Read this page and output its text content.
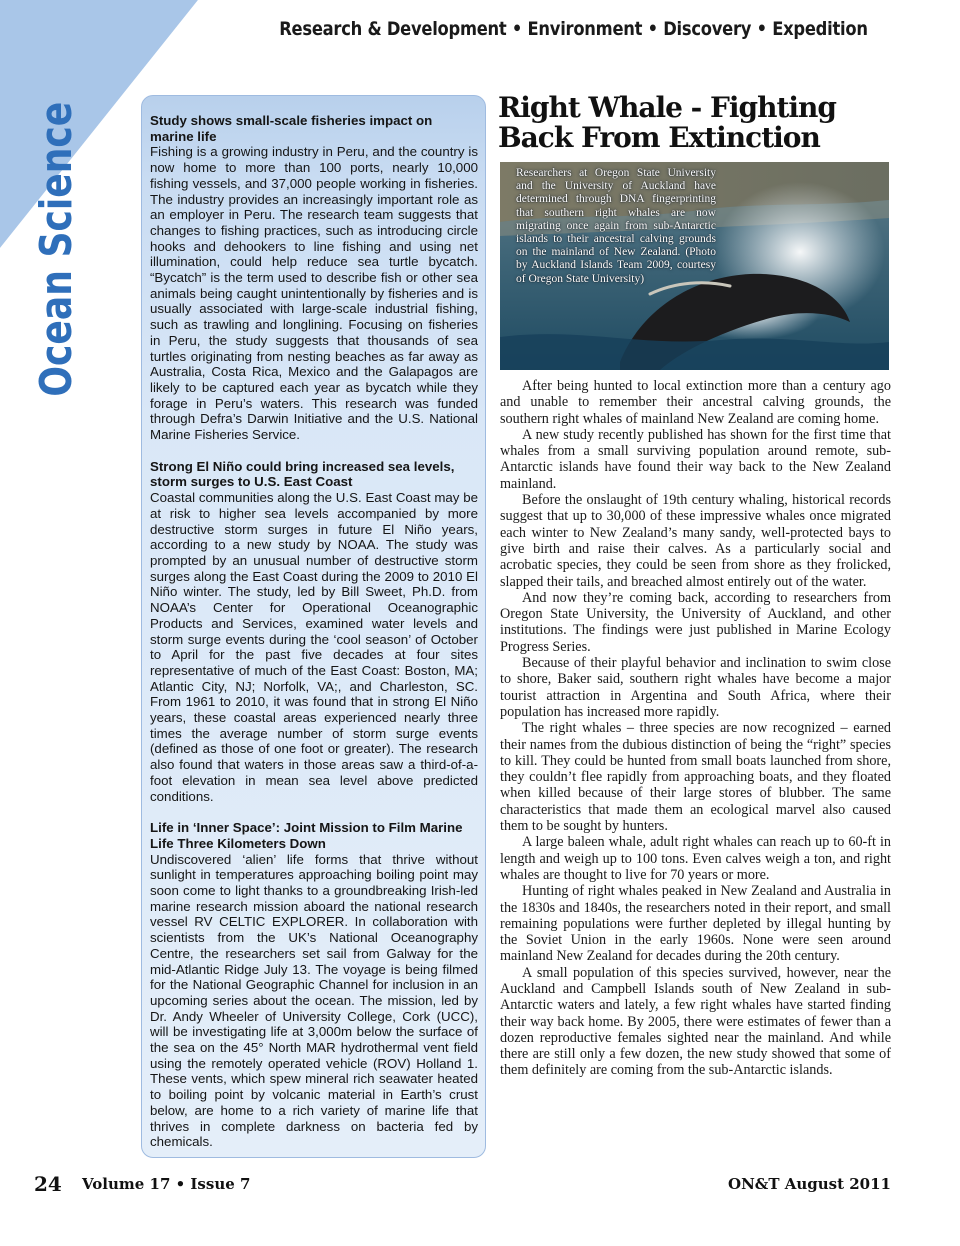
Research & Development • Environment • Discovery • Expedition
Ocean Science	Study shows small-scale fisheries impact on marine life

Fishing is a growing industry in Peru, and the country is now home to more than 100 ports, nearly 10,000 fishing vessels, and 37,000 people working in fisheries. The industry provides an increasingly important role as an employer in Peru. The research team suggests that changes to fishing practices, such as introducing circle hooks and dehookers to line fishing and using net illumination, could help reduce sea turtle bycatch. “Bycatch” is the term used to describe fish or other sea animals being caught unintentionally by fisheries and is usually associated with large-scale industrial fishing, such as trawling and longlining. Focusing on fisheries in Peru, the study suggests that thousands of sea turtles originating from nesting beaches as far away as Australia, Costa Rica, Mexico and the Galapagos are likely to be captured each year as bycatch while they forage in Peru’s waters. This research was funded through Defra’s Darwin Initiative and the U.S. National Marine Fisheries Service.

Strong El Niño could bring increased sea levels, storm surges to U.S. East Coast

Coastal communities along the U.S. East Coast may be at risk to higher sea levels accompanied by more destructive storm surges in future El Niño years, according to a new study by NOAA. The study was prompted by an unusual number of destructive storm surges along the East Coast during the 2009 to 2010 El Niño winter. The study, led by Bill Sweet, Ph.D. from NOAA’s Center for Operational Oceanographic Products and Services, examined water levels and storm surge events during the ‘cool season’ of October to April for the past five decades at four sites representative of much of the East Coast: Boston, MA; Atlantic City, NJ; Norfolk, VA;, and Charleston, SC. From 1961 to 2010, it was found that in strong El Niño years, these coastal areas experienced nearly three times the average number of storm surge events (defined as those of one foot or greater). The research also found that waters in those areas saw a third-of-a-foot elevation in mean sea level above predicted conditions.

Life in ‘Inner Space’: Joint Mission to Film Marine Life Three Kilometers Down

Undiscovered ‘alien’ life forms that thrive without sunlight in temperatures approaching boiling point may soon come to light thanks to a groundbreaking Irish-led marine research mission aboard the national research vessel RV CELTIC EXPLORER. In collaboration with scientists from the UK’s National Oceanography Centre, the researchers set sail from Galway for the mid-Atlantic Ridge July 13. The voyage is being filmed for the National Geographic Channel for inclusion in an upcoming series about the ocean. The mission, led by Dr. Andy Wheeler of University College, Cork (UCC), will be investigating life at 3,000m below the surface of the sea on the 45° North MAR hydrothermal vent field using the remotely operated vehicle (ROV) Holland 1. These vents, which spew mineral rich seawater heated to boiling point by volcanic material in Earth’s crust below, are home to a rich variety of marine life that thrives in complete darkness on bacteria fed by chemicals.

Right Whale - Fighting Back From Extinction
Researchers at Oregon State University and the University of Auckland have determined through DNA fingerprinting that southern right whales are now migrating once again from sub-Antarctic islands to their ancestral calving grounds on the mainland of New Zealand. (Photo by Auckland Islands Team 2009, courtesy of Oregon State University)

After being hunted to local extinction more than a century ago and unable to remember their ancestral calving grounds, the southern right whales of mainland New Zealand are coming home.

A new study recently published has shown for the first time that whales from a small surviving population around remote, sub-Antarctic islands have found their way back to the New Zealand mainland.

Before the onslaught of 19th century whaling, historical records suggest that up to 30,000 of these impressive whales once migrated each winter to New Zealand’s many sandy, well-protected bays to give birth and raise their calves. As a particularly social and acrobatic species, they could be seen from shore as they frolicked, slapped their tails, and breached almost entirely out of the water.

And now they’re coming back, according to researchers from Oregon State University, the University of Auckland, and other institutions. The findings were just published in Marine Ecology Progress Series.

Because of their playful behavior and inclination to swim close to shore, Baker said, southern right whales have become a major tourist attraction in Argentina and South Africa, where their population has increased more rapidly.

The right whales – three species are now recognized – earned their names from the dubious distinction of being the “right” species to kill. They could be hunted from small boats launched from shore, they couldn’t flee rapidly from approaching boats, and they floated when killed because of their large stores of blubber. The same characteristics that made them an ecological marvel also caused them to be sought by hunters.

A large baleen whale, adult right whales can reach up to 60-ft in length and weigh up to 100 tons. Even calves weigh a ton, and right whales are thought to live for 70 years or more.

Hunting of right whales peaked in New Zealand and Australia in the 1830s and 1840s, the researchers noted in their report, and small remaining populations were further depleted by illegal hunting by the Soviet Union in the early 1960s. None were seen around mainland New Zealand for decades during the 20th century.

A small population of this species survived, however, near the Auckland and Campbell Islands south of New Zealand in sub-Antarctic waters and lately, a few right whales have started finding their way back home. By 2005, there were estimates of fewer than a dozen reproductive females sighted near the mainland. And while there are still only a few dozen, the new study showed that some of them definitely are coming from the sub-Antarctic islands.

24 Volume 17 • Issue 7	ON&T August 2011
